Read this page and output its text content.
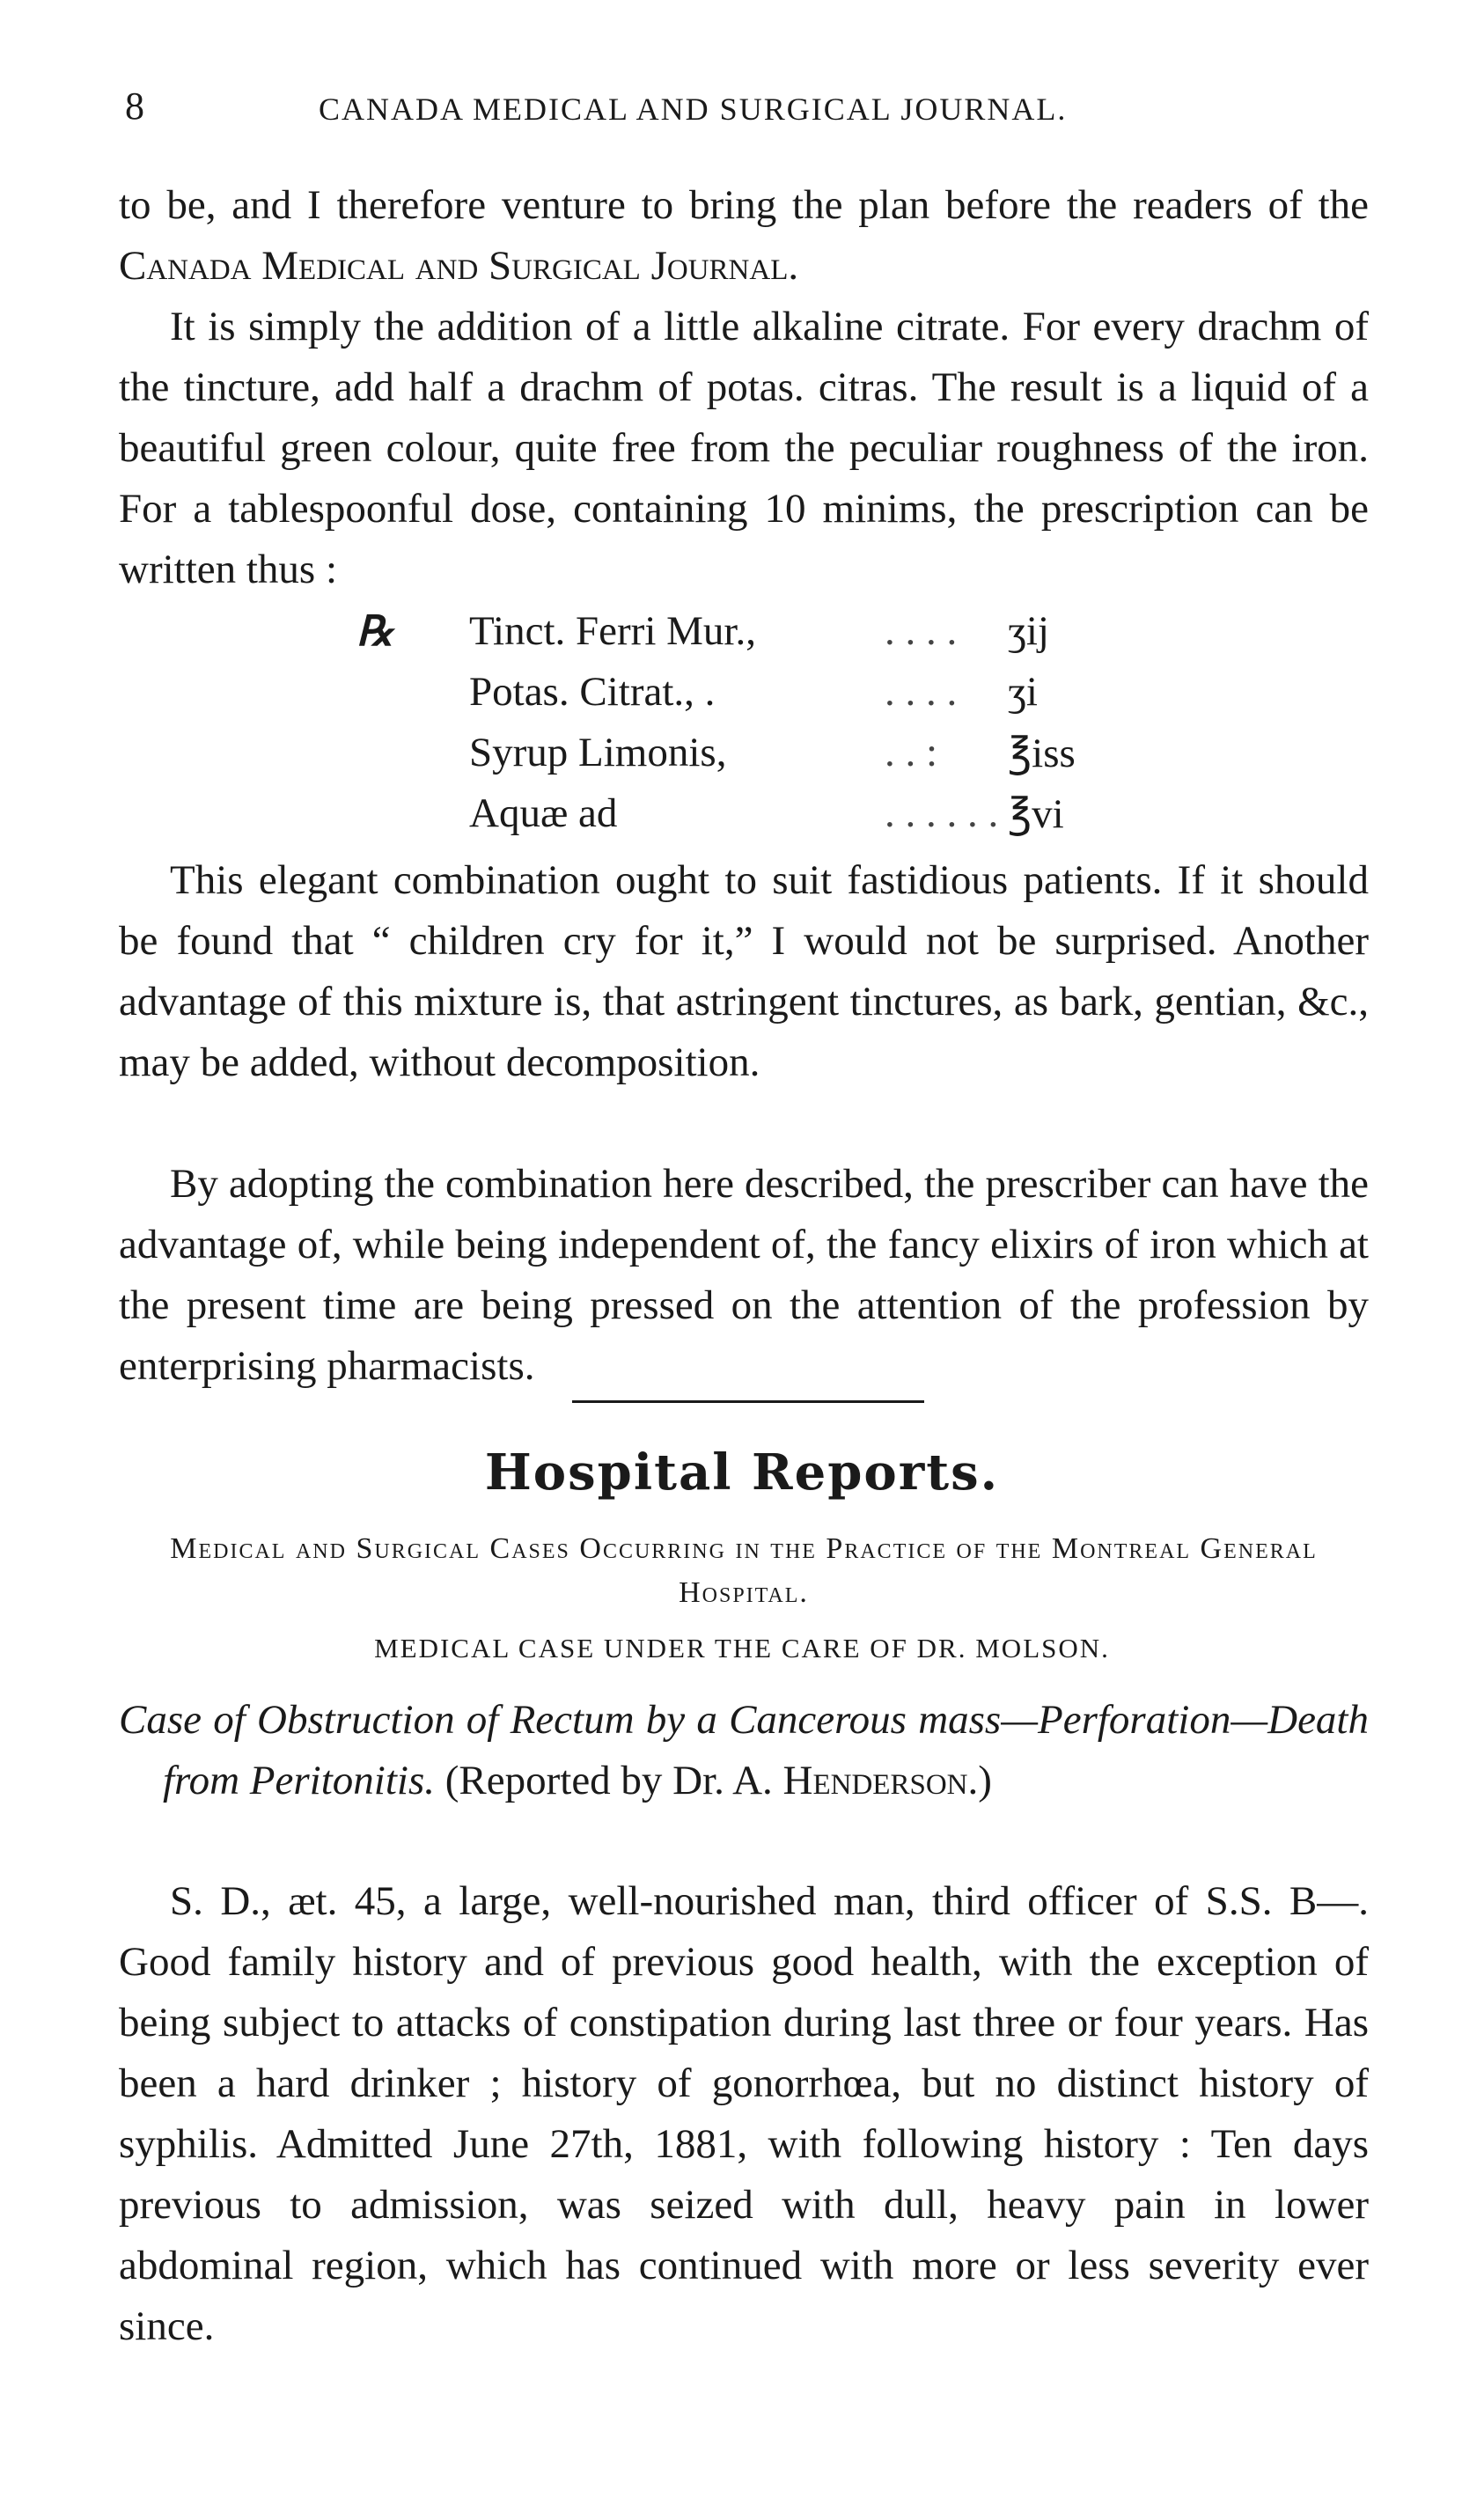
8	CANADA MEDICAL AND SURGICAL JOURNAL.

to be, and I therefore venture to bring the plan before the readers of the Canada Medical and Surgical Journal.

It is simply the addition of a little alkaline citrate. For every drachm of the tincture, add half a drachm of potas. citras. The result is a liquid of a beautiful green colour, quite free from the peculiar roughness of the iron. For a tablespoonful dose, containing 10 minims, the prescription can be written thus :

℞ Tinct. Ferri Mur.,	. . . . ʒij
Potas. Citrat., .	. . . . ʒi
Syrup Limonis,	. . : ℥iss
Aquæ ad	. . . . . . ℥vi

This elegant combination ought to suit fastidious patients. If it should be found that “ children cry for it,” I would not be surprised. Another advantage of this mixture is, that astringent tinctures, as bark, gentian, &c., may be added, without decomposition.

By adopting the combination here described, the prescriber can have the advantage of, while being independent of, the fancy elixirs of iron which at the present time are being pressed on the attention of the profession by enterprising pharmacists.

Hospital Reports.
Medical and Surgical Cases Occurring in the Practice of the Montreal General Hospital.
MEDICAL CASE UNDER THE CARE OF DR. MOLSON.
Case of Obstruction of Rectum by a Cancerous mass—Perforation—Death from Peritonitis. (Reported by Dr. A. Henderson.)

S. D., æt. 45, a large, well-nourished man, third officer of S.S. B—. Good family history and of previous good health, with the exception of being subject to attacks of constipation during last three or four years. Has been a hard drinker ; history of gonorrhœa, but no distinct history of syphilis. Admitted June 27th, 1881, with following history : Ten days previous to admission, was seized with dull, heavy pain in lower abdominal region, which has continued with more or less severity ever since.
